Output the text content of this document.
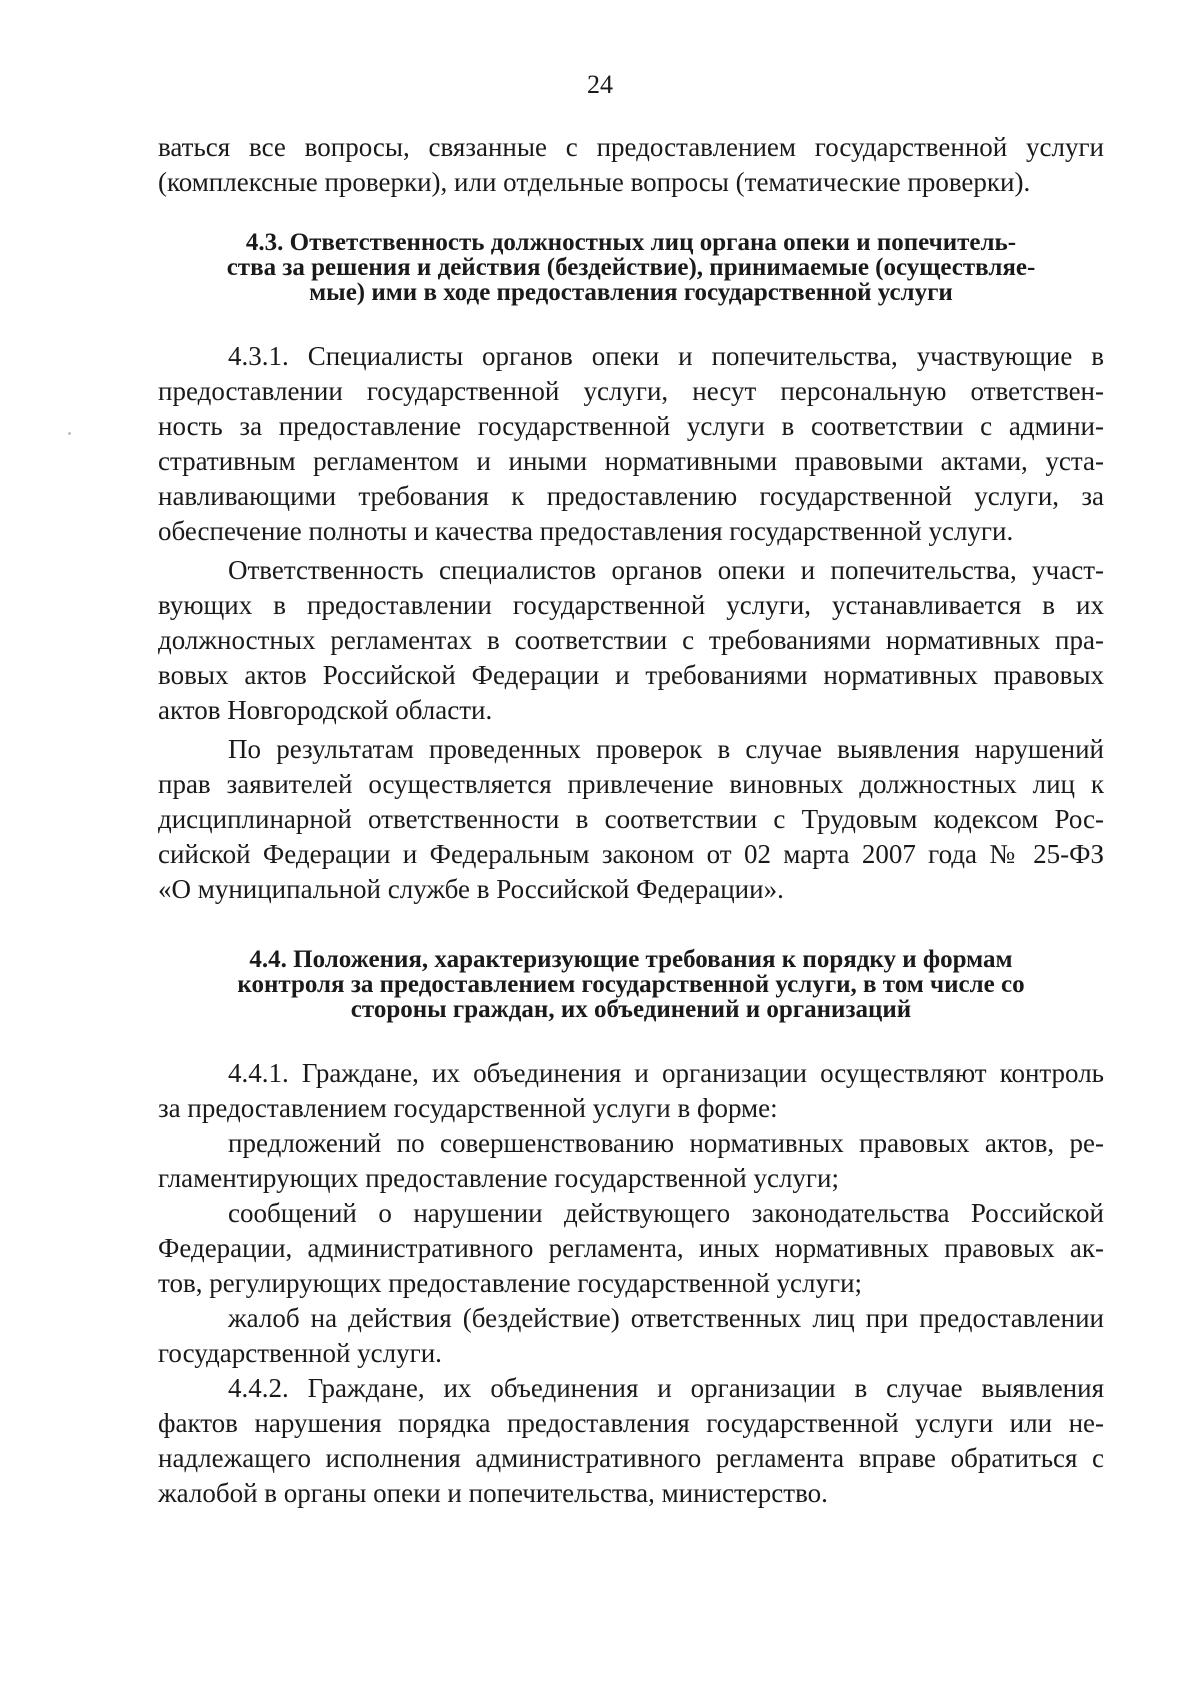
24
ваться все вопросы, связанные с предоставлением государственной услуги
(комплексные проверки), или отдельные вопросы (тематические проверки).
4.3. Ответственность должностных лиц органа опеки и попечитель-
ства за решения и действия (бездействие), принимаемые (осуществляе-
мые) ими в ходе предоставления государственной услуги
4.3.1. Специалисты органов опеки и попечительства, участвующие в
предоставлении государственной услуги, несут персональную ответствен-
ность за предоставление государственной услуги в соответствии с админи-
стративным регламентом и иными нормативными правовыми актами, уста-
навливающими требования к предоставлению государственной услуги, за
обеспечение полноты и качества предоставления государственной услуги.
Ответственность специалистов органов опеки и попечительства, участ-
вующих в предоставлении государственной услуги, устанавливается в их
должностных регламентах в соответствии с требованиями нормативных пра-
вовых актов Российской Федерации и требованиями нормативных правовых
актов Новгородской области.
По результатам проведенных проверок в случае выявления нарушений
прав заявителей осуществляется привлечение виновных должностных лиц к
дисциплинарной ответственности в соответствии с Трудовым кодексом Рос-
сийской Федерации и Федеральным законом от 02 марта 2007 года № 25-ФЗ
«О муниципальной службе в Российской Федерации».
4.4. Положения, характеризующие требования к порядку и формам
контроля за предоставлением государственной услуги, в том числе со
стороны граждан, их объединений и организаций
4.4.1. Граждане, их объединения и организации осуществляют контроль
за предоставлением государственной услуги в форме:
предложений по совершенствованию нормативных правовых актов, ре-
гламентирующих предоставление государственной услуги;
сообщений о нарушении действующего законодательства Российской
Федерации, административного регламента, иных нормативных правовых ак-
тов, регулирующих предоставление государственной услуги;
жалоб на действия (бездействие) ответственных лиц при предоставлении
государственной услуги.
4.4.2. Граждане, их объединения и организации в случае выявления
фактов нарушения порядка предоставления государственной услуги или не-
надлежащего исполнения административного регламента вправе обратиться с
жалобой в органы опеки и попечительства, министерство.
